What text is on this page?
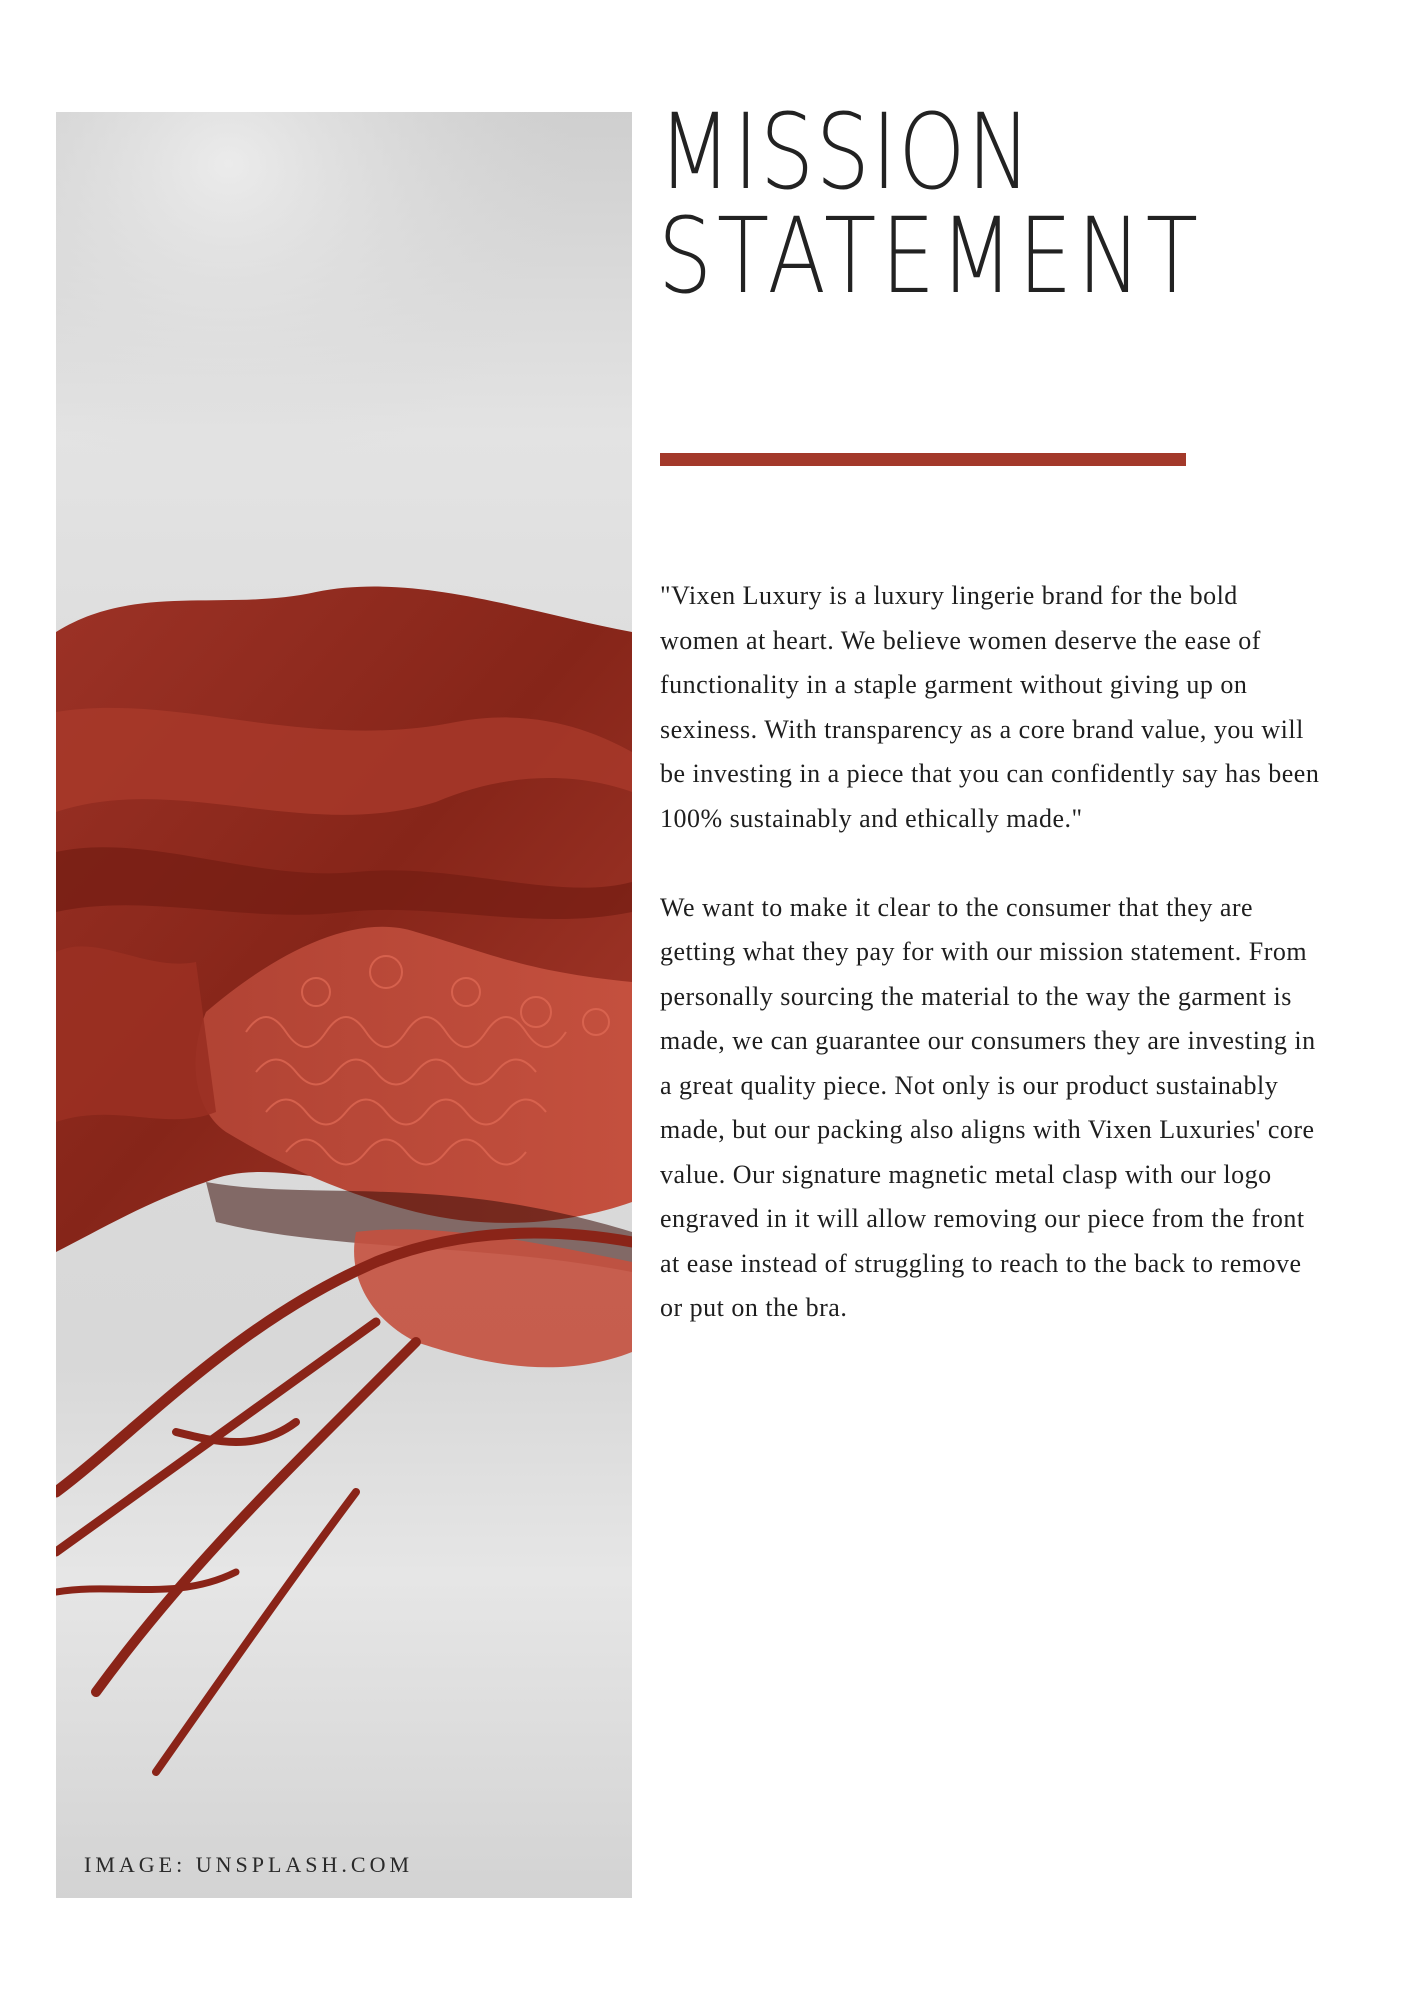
IMAGE: UNSPLASH.COM
MISSION
STATEMENT

"Vixen Luxury is a luxury lingerie brand for the bold women at heart. We believe women deserve the ease of functionality in a staple garment without giving up on sexiness. With transparency as a core brand value, you will be investing in a piece that you can confidently say has been 100% sustainably and ethically made."

We want to make it clear to the consumer that they are getting what they pay for with our mission statement. From personally sourcing the material to the way the garment is made, we can guarantee our consumers they are investing in a great quality piece. Not only is our product sustainably made, but our packing also aligns with Vixen Luxuries' core value. Our signature magnetic metal clasp with our logo engraved in it will allow removing our piece from the front at ease instead of struggling to reach to the back to remove or put on the bra.
